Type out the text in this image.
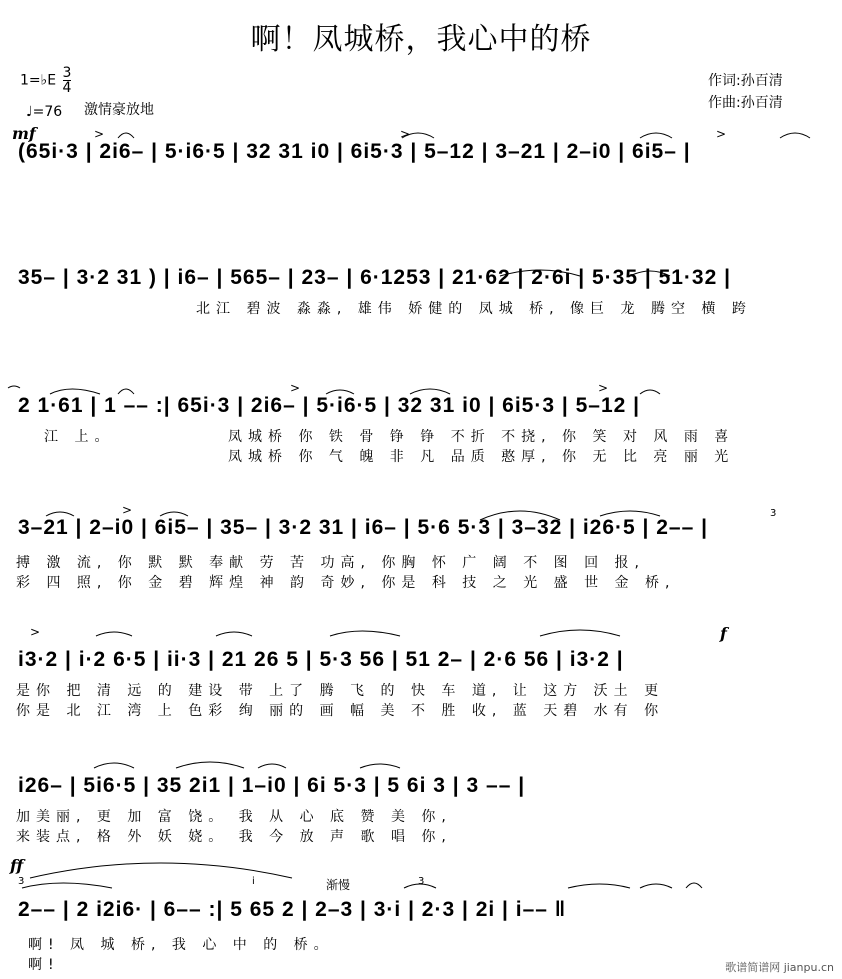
啊！凤城桥，我心中的桥
1=♭E $\frac{3}{4}$
♩=76 激情豪放地
作词:孙百清
作曲:孙百清
mf
f
ff
渐慢
>	>	>
(65i·3 | 2i6– | 5·i6·5 | 32 31 i0 | 6i5·3 | 5–12 | 3–21 | 2–i0 | 6i5– |
35– | 3·2 31 ) | i6– | 565– | 23– | 6·1253 | 21·62 | 2·6i | 5·35 | 51·32 |
北江 碧波 淼淼, 雄伟 娇健的 凤城 桥, 像巨 龙 腾空 横 跨
>	>
2 1·61 | 1 –– :| 65i·3 | 2i6– | 5·i6·5 | 32 31 i0 | 6i5·3 | 5–12 |
江 上。	凤城桥 你 铁 骨 铮 铮 不折 不挠, 你 笑 对 风 雨 喜
凤城桥 你 气 魄 非 凡 品质 憨厚, 你 无 比 亮 丽 光
>	3
3–21 | 2–i0 | 6i5– | 35– | 3·2 31 | i6– | 5·6 5·3 | 3–32 | i26·5 | 2–– |
搏 激 流, 你 默 默 奉献 劳 苦 功高, 你胸 怀 广 阔 不 图 回 报,
彩 四 照, 你 金 碧 辉煌 神 韵 奇妙, 你是 科 技 之 光 盛 世 金 桥,
>
i3·2 | i·2 6·5 | ii·3 | 21 26 5 | 5·3 56 | 51 2– | 2·6 56 | i3·2 |
是你 把 清 远 的 建设 带 上了 腾 飞 的 快 车 道, 让 这方 沃土 更
你是 北 江 湾 上 色彩 绚 丽的 画 幅 美 不 胜 收, 蓝 天碧 水有 你
i26– | 5i6·5 | 35 2i1 | 1–i0 | 6i 5·3 | 5 6i 3 | 3 –– |
加美丽, 更 加 富 饶。 我 从 心 底 赞 美 你,
来装点, 格 外 妖 娆。 我 今 放 声 歌 唱 你,
3	i	3
2–– | 2 i2i6· | 6–– :| 5 65 2 | 2–3 | 3·i | 2·3 | 2i | i–– ‖
啊! 凤 城 桥, 我 心 中 的 桥。
啊!	歌谱简谱网 jianpu.cn
